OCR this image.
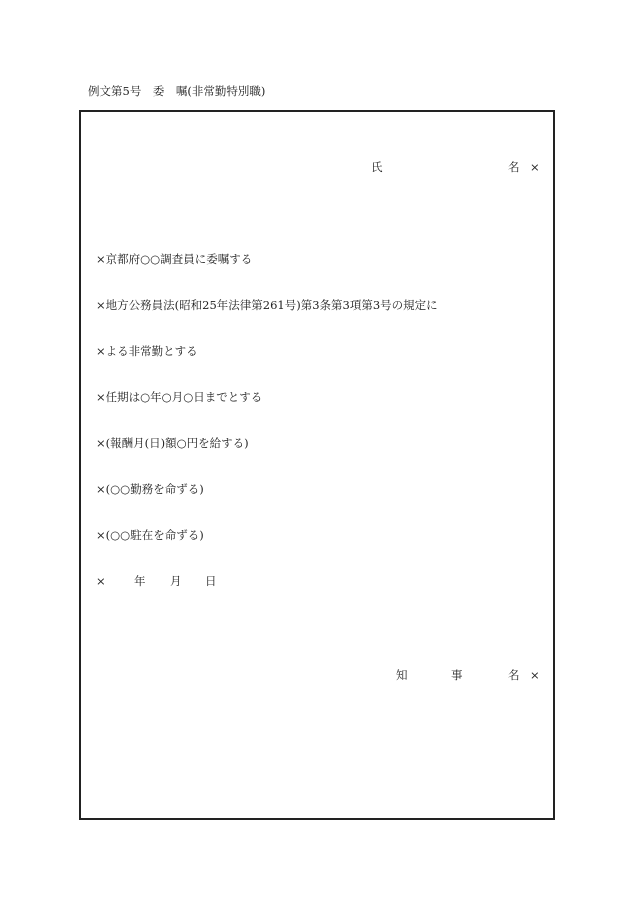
例文第5号　 委　嘱(非常勤特別職)
氏	名 ×
×京都府○○調査員に委嘱する
×地方公務員法(昭和25年法律第261号)第3条第3項第3号の規定に
×よる非常勤とする
×任期は○年○月○日までとする
×(報酬月(日)額○円を給する)
×(○○勤務を命ずる)
×(○○駐在を命ずる)
× 年 月 日
知	事	名 ×
